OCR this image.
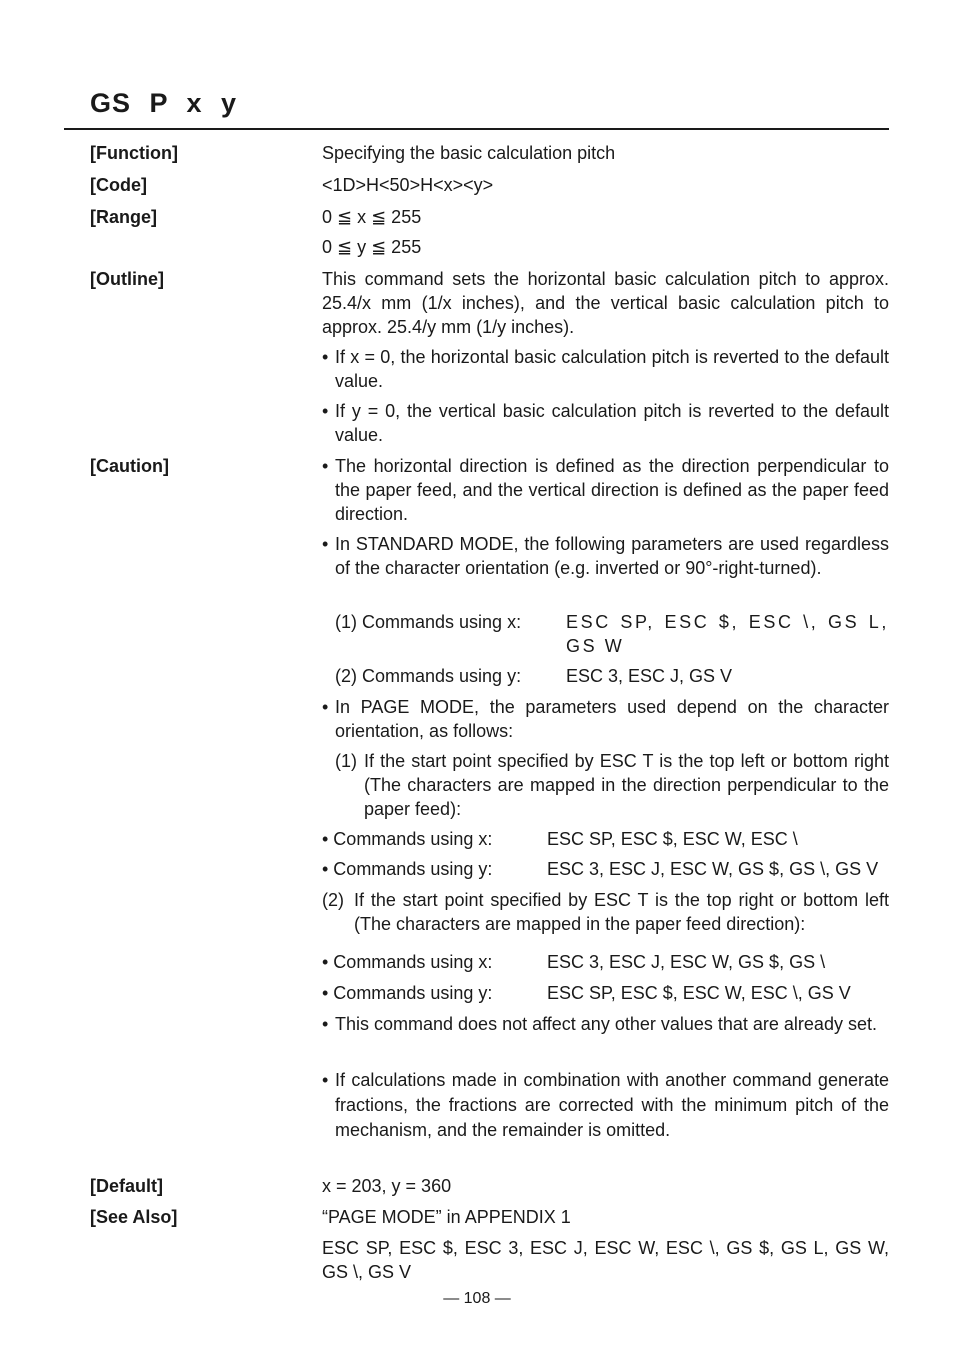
GS P x y
[Function]	Specifying the basic calculation pitch
[Code]	<1D>H<50>H<x><y>
[Range]	0 ≦ x ≦ 255
0 ≦ y ≦ 255
[Outline]	This command sets the horizontal basic calculation pitch to approx. 25.4/x mm (1/x inches), and the vertical basic calculation pitch to approx. 25.4/y mm (1/y inches).
• If x = 0, the horizontal basic calculation pitch is reverted to the default value.
• If y = 0, the vertical basic calculation pitch is reverted to the default value.
[Caution]	• The horizontal direction is defined as the direction perpendicular to the paper feed, and the vertical direction is defined as the paper feed direction.
• In STANDARD MODE, the following parameters are used regardless of the character orientation (e.g. inverted or 90°-right-turned).
(1) Commands using x: ESC SP, ESC $, ESC \, GS L, GS W
(2) Commands using y: ESC 3, ESC J, GS V
• In PAGE MODE, the parameters used depend on the character orientation, as follows:
(1) If the start point specified by ESC T is the top left or bottom right (The characters are mapped in the direction perpendicular to the paper feed):
• Commands using x:	ESC SP, ESC $, ESC W, ESC \
• Commands using y:	ESC 3, ESC J, ESC W, GS $, GS \, GS V
(2) If the start point specified by ESC T is the top right or bottom left (The characters are mapped in the paper feed direction):
• Commands using x:	ESC 3, ESC J, ESC W, GS $, GS \
• Commands using y:	ESC SP, ESC $, ESC W, ESC \, GS V
• This command does not affect any other values that are already set.
• If calculations made in combination with another command generate fractions, the fractions are corrected with the minimum pitch of the mechanism, and the remainder is omitted.
[Default]	x = 203, y = 360
[See Also]	“PAGE MODE” in APPENDIX 1
ESC SP, ESC $, ESC 3, ESC J, ESC W, ESC \, GS $, GS L, GS W, GS \, GS V
— 108 —
